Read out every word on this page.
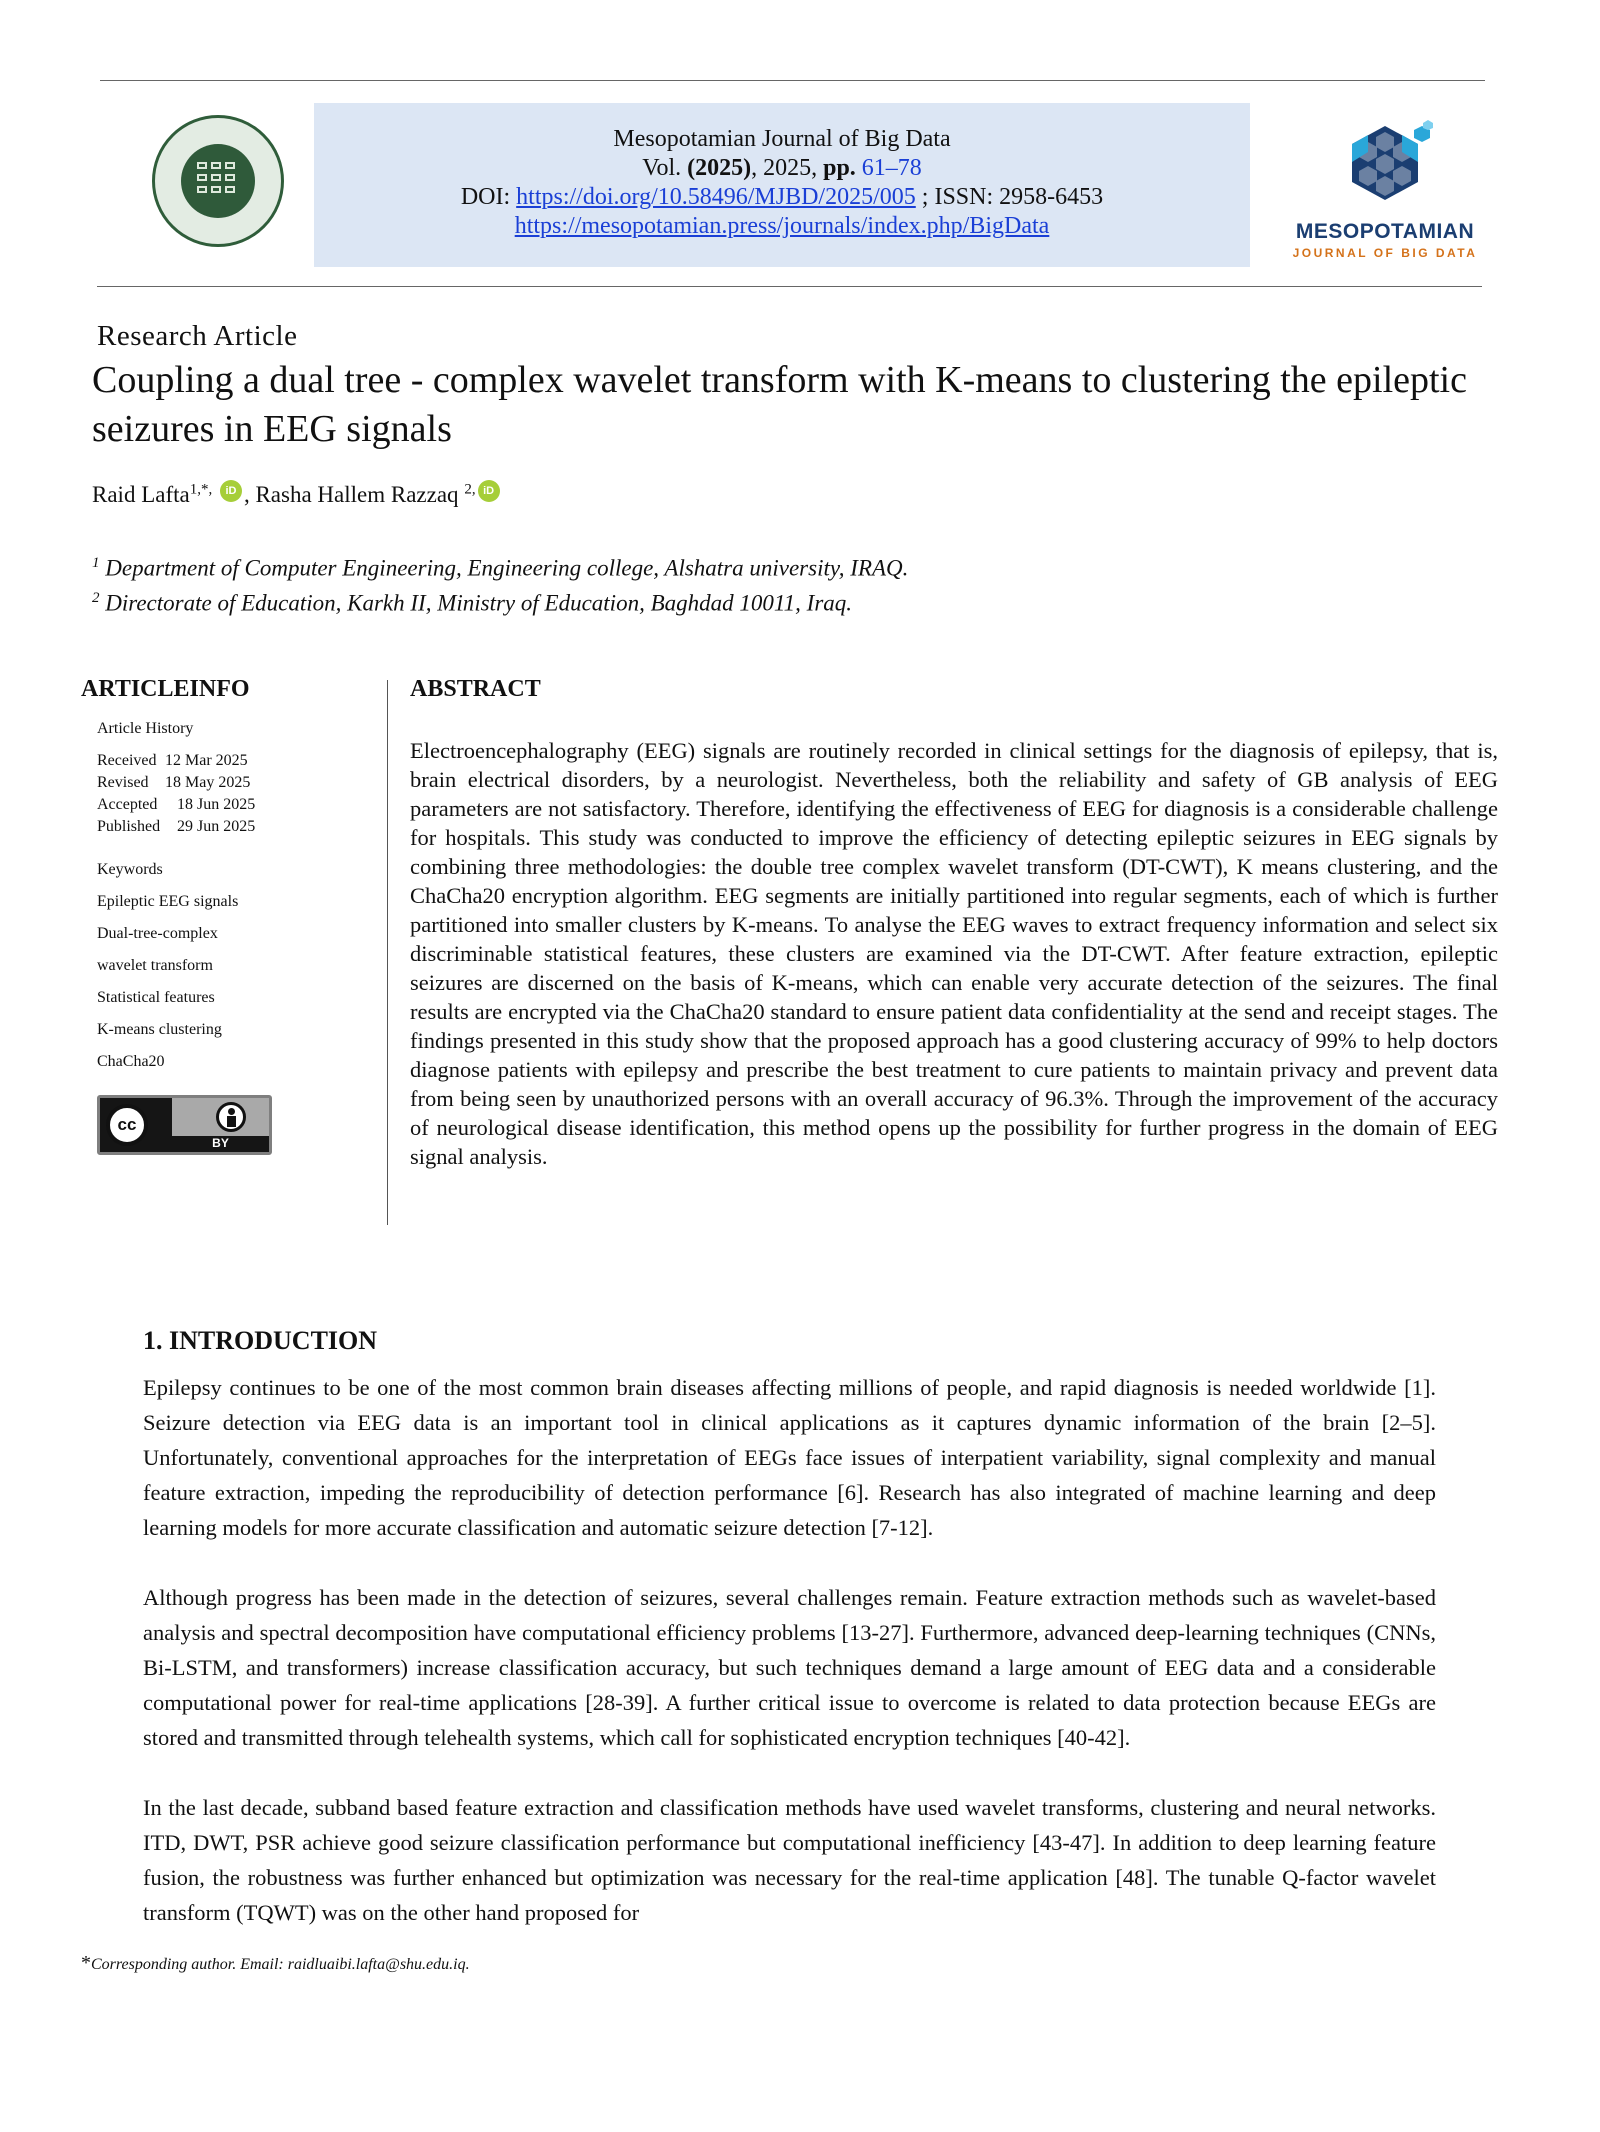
Mesopotamian Journal of Big Data
Vol. (2025), 2025, pp. 61–78
DOI: https://doi.org/10.58496/MJBD/2025/005 ; ISSN: 2958-6453
https://mesopotamian.press/journals/index.php/BigData	MESOPOTAMIAN
JOURNAL OF BIG DATA
Research Article
Coupling a dual tree - complex wavelet transform with K-means to clustering the epileptic seizures in EEG signals
Raid Lafta$^{1,*,}$ iD , Rasha Hallem Razzaq $^{2,}$ iD
$^1$ Department of Computer Engineering, Engineering college, Alshatra university, IRAQ.
$^2$ Directorate of Education, Karkh II, Ministry of Education, Baghdad 10011, Iraq.
ARTICLEINFO
Article History
Received 12 Mar 2025
Revised 18 May 2025
Accepted 18 Jun 2025
Published 29 Jun 2025
Keywords
Epileptic EEG signals
Dual-tree-complex
wavelet transform
Statistical features
K-means clustering
ChaCha20
cc
BY
ABSTRACT
Electroencephalography (EEG) signals are routinely recorded in clinical settings for the diagnosis of epilepsy, that is, brain electrical disorders, by a neurologist. Nevertheless, both the reliability and safety of GB analysis of EEG parameters are not satisfactory. Therefore, identifying the effectiveness of EEG for diagnosis is a considerable challenge for hospitals. This study was conducted to improve the efficiency of detecting epileptic seizures in EEG signals by combining three methodologies: the double tree complex wavelet transform (DT-CWT), K means clustering, and the ChaCha20 encryption algorithm. EEG segments are initially partitioned into regular segments, each of which is further partitioned into smaller clusters by K-means. To analyse the EEG waves to extract frequency information and select six discriminable statistical features, these clusters are examined via the DT-CWT. After feature extraction, epileptic seizures are discerned on the basis of K-means, which can enable very accurate detection of the seizures. The final results are encrypted via the ChaCha20 standard to ensure patient data confidentiality at the send and receipt stages. The findings presented in this study show that the proposed approach has a good clustering accuracy of 99% to help doctors diagnose patients with epilepsy and prescribe the best treatment to cure patients to maintain privacy and prevent data from being seen by unauthorized persons with an overall accuracy of 96.3%. Through the improvement of the accuracy of neurological disease identification, this method opens up the possibility for further progress in the domain of EEG signal analysis.
1. INTRODUCTION

Epilepsy continues to be one of the most common brain diseases affecting millions of people, and rapid diagnosis is needed worldwide [1]. Seizure detection via EEG data is an important tool in clinical applications as it captures dynamic information of the brain [2–5]. Unfortunately, conventional approaches for the interpretation of EEGs face issues of interpatient variability, signal complexity and manual feature extraction, impeding the reproducibility of detection performance [6]. Research has also integrated of machine learning and deep learning models for more accurate classification and automatic seizure detection [7-12].

Although progress has been made in the detection of seizures, several challenges remain. Feature extraction methods such as wavelet-based analysis and spectral decomposition have computational efficiency problems [13-27]. Furthermore, advanced deep-learning techniques (CNNs, Bi-LSTM, and transformers) increase classification accuracy, but such techniques demand a large amount of EEG data and a considerable computational power for real-time applications [28-39]. A further critical issue to overcome is related to data protection because EEGs are stored and transmitted through telehealth systems, which call for sophisticated encryption techniques [40-42].

In the last decade, subband based feature extraction and classification methods have used wavelet transforms, clustering and neural networks. ITD, DWT, PSR achieve good seizure classification performance but computational inefficiency [43-47]. In addition to deep learning feature fusion, the robustness was further enhanced but optimization was necessary for the real-time application [48]. The tunable Q-factor wavelet transform (TQWT) was on the other hand proposed for

*Corresponding author. Email: raidluaibi.lafta@shu.edu.iq.
